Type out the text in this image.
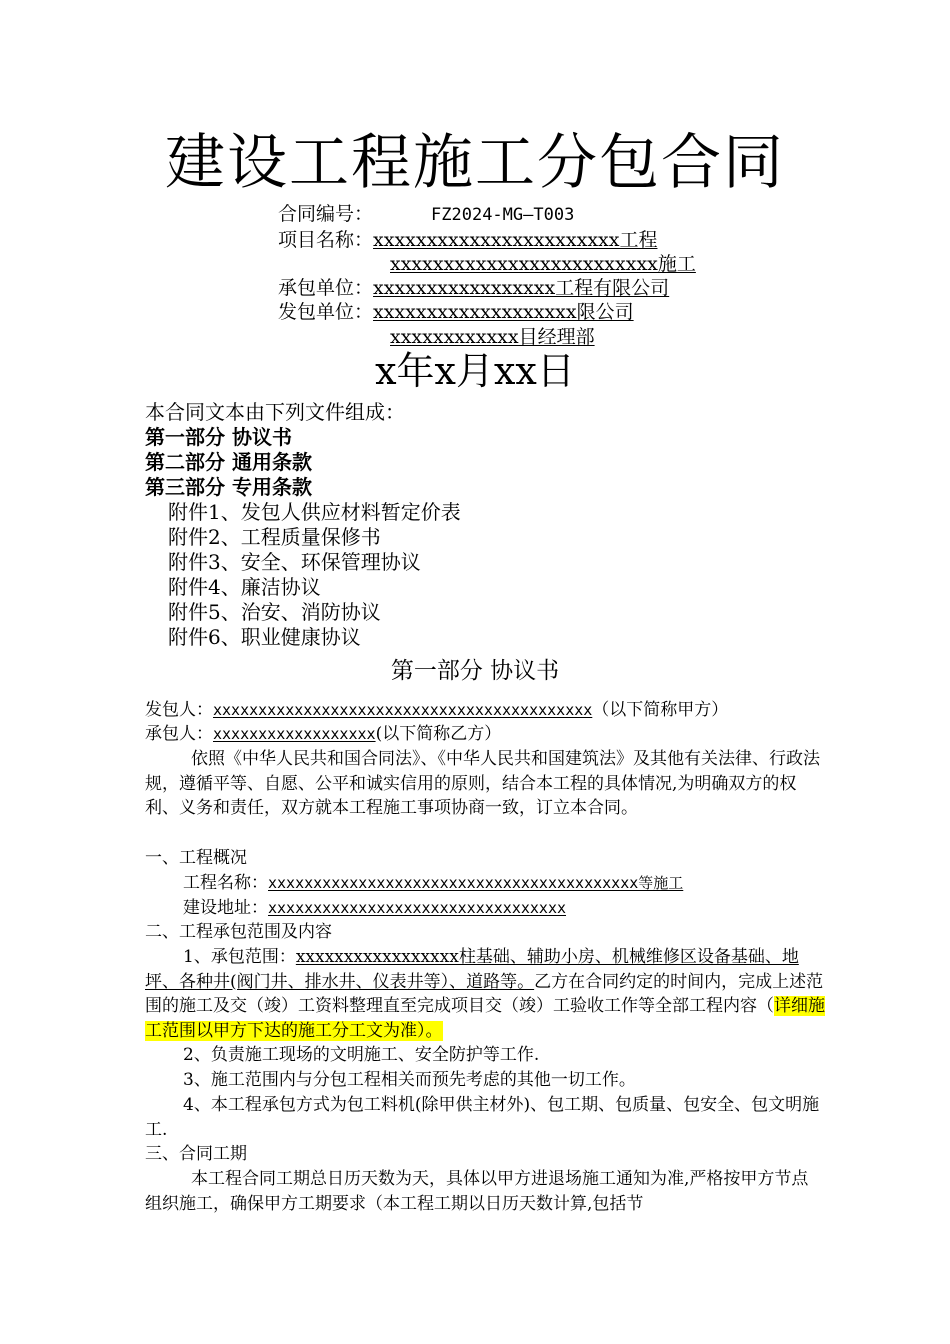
建设工程施工分包合同
合同编号：	FZ2024-MG—T003
项目名称：xxxxxxxxxxxxxxxxxxxxxxx工程
xxxxxxxxxxxxxxxxxxxxxxxxx施工
承包单位：xxxxxxxxxxxxxxxxx工程有限公司
发包单位：xxxxxxxxxxxxxxxxxxx限公司
xxxxxxxxxxxx目经理部
x年x月xx日
本合同文本由下列文件组成：
第一部分 协议书
第二部分 通用条款
第三部分 专用条款
附件1、发包人供应材料暂定价表
附件2、工程质量保修书
附件3、安全、环保管理协议
附件4、廉洁协议
附件5、治安、消防协议
附件6、职业健康协议
第一部分 协议书
发包人：xxxxxxxxxxxxxxxxxxxxxxxxxxxxxxxxxxxxxxxxxx（以下简称甲方）
承包人：xxxxxxxxxxxxxxxxxx(以下简称乙方）
依照《中华人民共和国合同法》、《中华人民共和国建筑法》及其他有关法律、行政法规，遵循平等、自愿、公平和诚实信用的原则，结合本工程的具体情况,为明确双方的权利、义务和责任，双方就本工程施工事项协商一致，订立本合同。
一、工程概况
工程名称：xxxxxxxxxxxxxxxxxxxxxxxxxxxxxxxxxxxxxxxxx等施工
建设地址：xxxxxxxxxxxxxxxxxxxxxxxxxxxxxxxxx
二、工程承包范围及内容
1、承包范围：xxxxxxxxxxxxxxxxx柱基础、辅助小房、机械维修区设备基础、地坪、各种井(阀门井、排水井、仪表井等）、道路等。乙方在合同约定的时间内，完成上述范围的施工及交（竣）工资料整理直至完成项目交（竣）工验收工作等全部工程内容（详细施工范围以甲方下达的施工分工文为准）。
2、负责施工现场的文明施工、安全防护等工作.
3、施工范围内与分包工程相关而预先考虑的其他一切工作。
4、本工程承包方式为包工料机(除甲供主材外)、包工期、包质量、包安全、包文明施工.
三、合同工期
本工程合同工期总日历天数为天，具体以甲方进退场施工通知为准,严格按甲方节点组织施工，确保甲方工期要求（本工程工期以日历天数计算,包括节
